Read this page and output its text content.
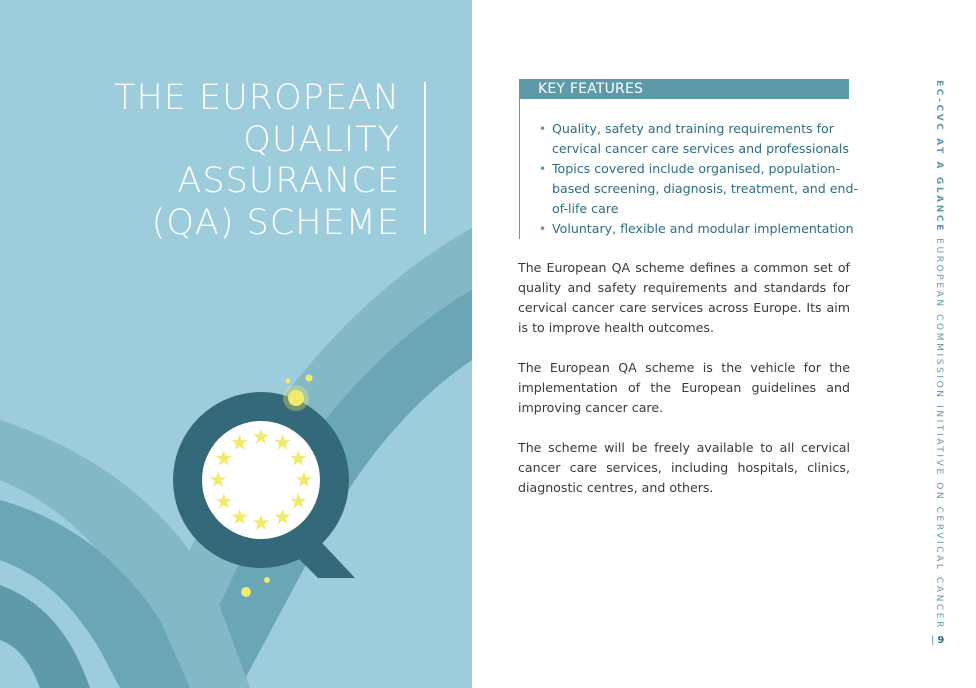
THE EUROPEAN
QUALITY
ASSURANCE
(QA) SCHEME
KEY FEATURES
• Quality, safety and training requirements for cervical cancer care services and professionals
• Topics covered include organised, population-based screening, diagnosis, treatment, and end-of-life care
• Voluntary, flexible and modular implementation

The European QA scheme defines a common set of quality and safety requirements and standards for cervical cancer care services across Europe. Its aim is to improve health outcomes.

The European QA scheme is the vehicle for the implementation of the European guidelines and improving cancer care.

The scheme will be freely available to all cervical cancer care services, including hospitals, clinics, diagnostic centres, and others.

EC-CVC AT A GLANCE EUROPEAN COMMISSION INITIATIVE ON CERVICAL CANCER
| 9
